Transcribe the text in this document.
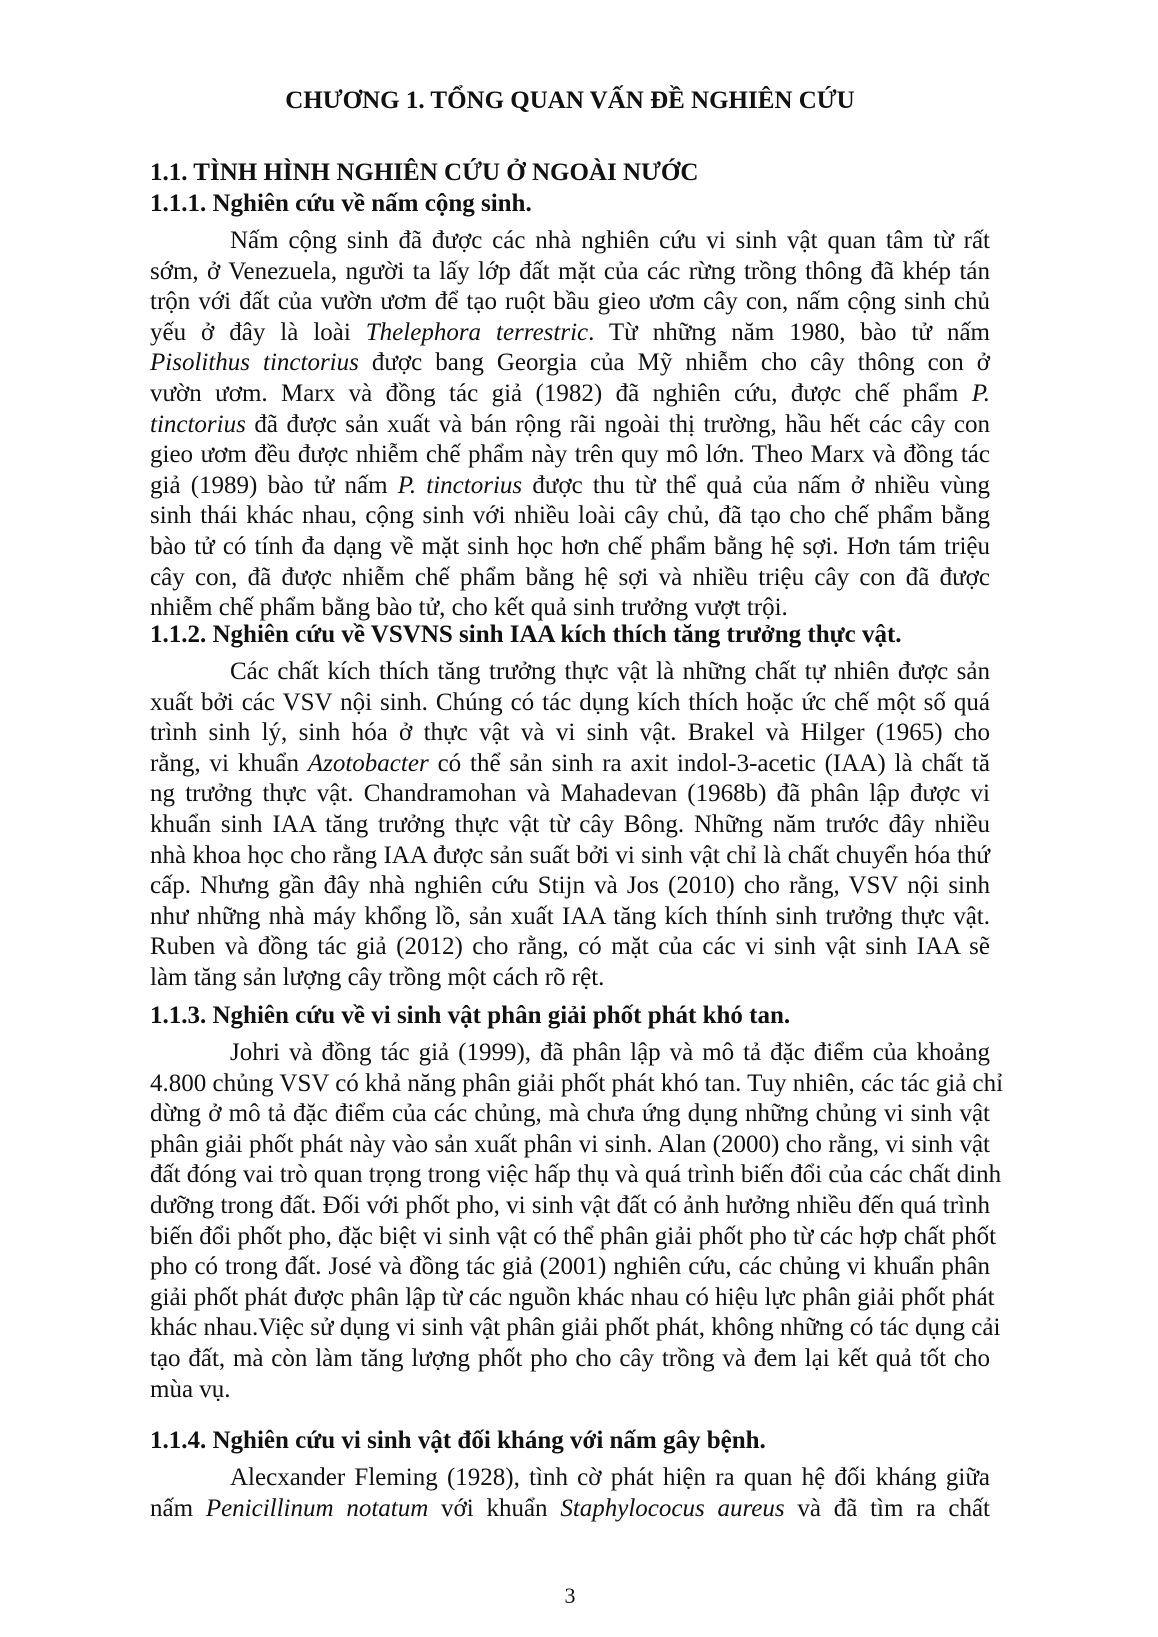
CHƯƠNG 1. TỔNG QUAN VẤN ĐỀ NGHIÊN CỨU
1.1. TÌNH HÌNH NGHIÊN CỨU Ở NGOÀI NƯỚC
1.1.1. Nghiên cứu về nấm cộng sinh.
Nấm cộng sinh đã được các nhà nghiên cứu vi sinh vật quan tâm từ rất
sớm, ở Venezuela, người ta lấy lớp đất mặt của các rừng trồng thông đã khép tán
trộn với đất của vườn ươm để tạo ruột bầu gieo ươm cây con, nấm cộng sinh chủ
yếu ở đây là loài Thelephora terrestric. Từ những năm 1980, bào tử nấm
Pisolithus tinctorius được bang Georgia của Mỹ nhiễm cho cây thông con ở
vườn ươm. Marx và đồng tác giả (1982) đã nghiên cứu, được chế phẩm P.
tinctorius đã được sản xuất và bán rộng rãi ngoài thị trường, hầu hết các cây con
gieo ươm đều được nhiễm chế phẩm này trên quy mô lớn. Theo Marx và đồng tác
giả (1989) bào tử nấm P. tinctorius được thu từ thể quả của nấm ở nhiều vùng
sinh thái khác nhau, cộng sinh với nhiều loài cây chủ, đã tạo cho chế phẩm bằng
bào tử có tính đa dạng về mặt sinh học hơn chế phẩm bằng hệ sợi. Hơn tám triệu
cây con, đã được nhiễm chế phẩm bằng hệ sợi và nhiều triệu cây con đã được
nhiễm chế phẩm bằng bào tử, cho kết quả sinh trưởng vượt trội.
1.1.2. Nghiên cứu về VSVNS sinh IAA kích thích tăng trưởng thực vật.
Các chất kích thích tăng trưởng thực vật là những chất tự nhiên được sản
xuất bởi các VSV nội sinh. Chúng có tác dụng kích thích hoặc ức chế một số quá
trình sinh lý, sinh hóa ở thực vật và vi sinh vật. Brakel và Hilger (1965) cho
rằng, vi khuẩn Azotobacter có thể sản sinh ra axit indol-3-acetic (IAA) là chất tă
ng trưởng thực vật. Chandramohan và Mahadevan (1968b) đã phân lập được vi
khuẩn sinh IAA tăng trưởng thực vật từ cây Bông. Những năm trước đây nhiều
nhà khoa học cho rằng IAA được sản suất bởi vi sinh vật chỉ là chất chuyển hóa thứ
cấp. Nhưng gần đây nhà nghiên cứu Stijn và Jos (2010) cho rằng, VSV nội sinh
như những nhà máy khổng lồ, sản xuất IAA tăng kích thính sinh trưởng thực vật.
Ruben và đồng tác giả (2012) cho rằng, có mặt của các vi sinh vật sinh IAA sẽ
làm tăng sản lượng cây trồng một cách rõ rệt.
1.1.3. Nghiên cứu về vi sinh vật phân giải phốt phát khó tan.
Johri và đồng tác giả (1999), đã phân lập và mô tả đặc điểm của khoảng
4.800 chủng VSV có khả năng phân giải phốt phát khó tan. Tuy nhiên, các tác giả chỉ
dừng ở mô tả đặc điểm của các chủng, mà chưa ứng dụng những chủng vi sinh vật
phân giải phốt phát này vào sản xuất phân vi sinh. Alan (2000) cho rằng, vi sinh vật
đất đóng vai trò quan trọng trong việc hấp thụ và quá trình biến đổi của các chất dinh
dưỡng trong đất. Đối với phốt pho, vi sinh vật đất có ảnh hưởng nhiều đến quá trình
biến đổi phốt pho, đặc biệt vi sinh vật có thể phân giải phốt pho từ các hợp chất phốt
pho có trong đất. José và đồng tác giả (2001) nghiên cứu, các chủng vi khuẩn phân
giải phốt phát được phân lập từ các nguồn khác nhau có hiệu lực phân giải phốt phát
khác nhau.Việc sử dụng vi sinh vật phân giải phốt phát, không những có tác dụng cải
tạo đất, mà còn làm tăng lượng phốt pho cho cây trồng và đem lại kết quả tốt cho
mùa vụ.
1.1.4. Nghiên cứu vi sinh vật đối kháng với nấm gây bệnh.
Alecxander Fleming (1928), tình cờ phát hiện ra quan hệ đối kháng giữa
nấm Penicillinum notatum với khuẩn Staphylococus aureus và đã tìm ra chất
3
